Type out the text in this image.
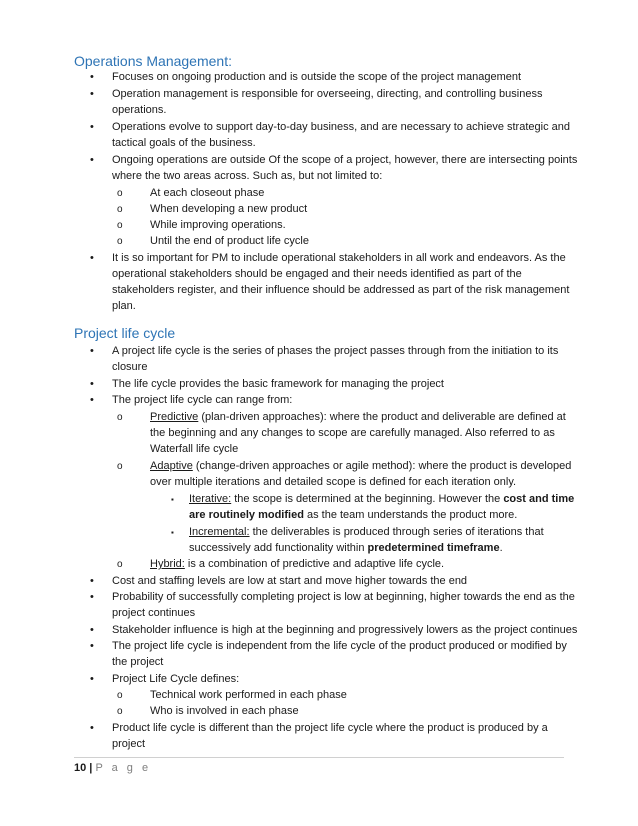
Operations Management:
• Focuses on ongoing production and is outside the scope of the project management
• Operation management is responsible for overseeing, directing, and controlling business
operations.
• Operations evolve to support day-to-day business, and are necessary to achieve strategic and
tactical goals of the business.
• Ongoing operations are outside Of the scope of a project, however, there are intersecting points
where the two areas across. Such as, but not limited to:
o At each closeout phase
o When developing a new product
o While improving operations.
o Until the end of product life cycle
• It is so important for PM to include operational stakeholders in all work and endeavors. As the
operational stakeholders should be engaged and their needs identified as part of the
stakeholders register, and their influence should be addressed as part of the risk management
plan.
Project life cycle
• A project life cycle is the series of phases the project passes through from the initiation to its
closure
• The life cycle provides the basic framework for managing the project
• The project life cycle can range from:
o Predictive (plan-driven approaches): where the product and deliverable are defined at
the beginning and any changes to scope are carefully managed. Also referred to as
Waterfall life cycle
o Adaptive (change-driven approaches or agile method): where the product is developed
over multiple iterations and detailed scope is defined for each iteration only.
▪ Iterative: the scope is determined at the beginning. However the cost and time
are routinely modified as the team understands the product more.
▪ Incremental: the deliverables is produced through series of iterations that
successively add functionality within predetermined timeframe.
o Hybrid: is a combination of predictive and adaptive life cycle.
• Cost and staffing levels are low at start and move higher towards the end
• Probability of successfully completing project is low at beginning, higher towards the end as the
project continues
• Stakeholder influence is high at the beginning and progressively lowers as the project continues
• The project life cycle is independent from the life cycle of the product produced or modified by
the project
• Project Life Cycle defines:
o Technical work performed in each phase
o Who is involved in each phase
• Product life cycle is different than the project life cycle where the product is produced by a
project
10 | P a g e
